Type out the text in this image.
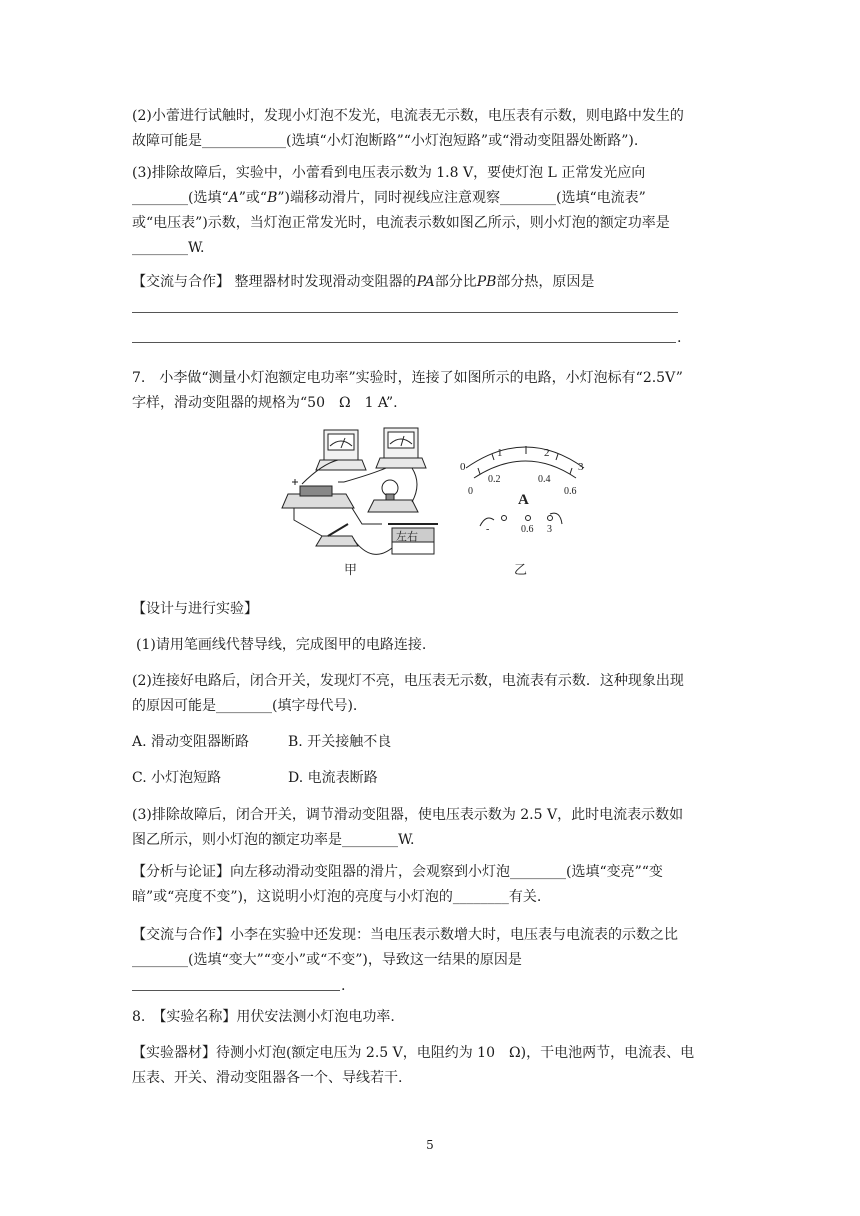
(2)小蕾进行试触时，发现小灯泡不发光，电流表无示数，电压表有示数，则电路中发生的
故障可能是____________(选填“小灯泡断路”“小灯泡短路”或“滑动变阻器处断路”).
(3)排除故障后，实验中，小蕾看到电压表示数为 1.8 V，要使灯泡 L 正常发光应向
________(选填“A”或“B”)端移动滑片，同时视线应注意观察________(选填“电流表”
或“电压表”)示数，当灯泡正常发光时，电流表示数如图乙所示，则小灯泡的额定功率是
________W.
【交流与合作】 整理器材时发现滑动变阻器的PA部分比PB部分热，原因是
.
7.　小李做“测量小灯泡额定电功率”实验时，连接了如图所示的电路，小灯泡标有“2.5V”
字样，滑动变阻器的规格为“50　Ω　1 A”.
0
1	2
3
0
0.2	0.4
0.6
A
-	0.6 3
左右
甲	乙
【设计与进行实验】
(1)请用笔画线代替导线，完成图甲的电路连接.
(2)连接好电路后，闭合开关，发现灯不亮，电压表无示数，电流表有示数．这种现象出现
的原因可能是________(填字母代号).
A. 滑动变阻器断路	B. 开关接触不良
C. 小灯泡短路	D. 电流表断路
(3)排除故障后，闭合开关，调节滑动变阻器，使电压表示数为 2.5 V，此时电流表示数如
图乙所示，则小灯泡的额定功率是________W.
【分析与论证】向左移动滑动变阻器的滑片，会观察到小灯泡________(选填“变亮”“变
暗”或“亮度不变”)，这说明小灯泡的亮度与小灯泡的________有关.
【交流与合作】小李在实验中还发现：当电压表示数增大时，电压表与电流表的示数之比
________(选填“变大”“变小”或“不变”)，导致这一结果的原因是
.
8.　【实验名称】用伏安法测小灯泡电功率.
【实验器材】待测小灯泡(额定电压为 2.5 V，电阻约为 10　Ω)，干电池两节，电流表、电
压表、开关、滑动变阻器各一个、导线若干.
5
